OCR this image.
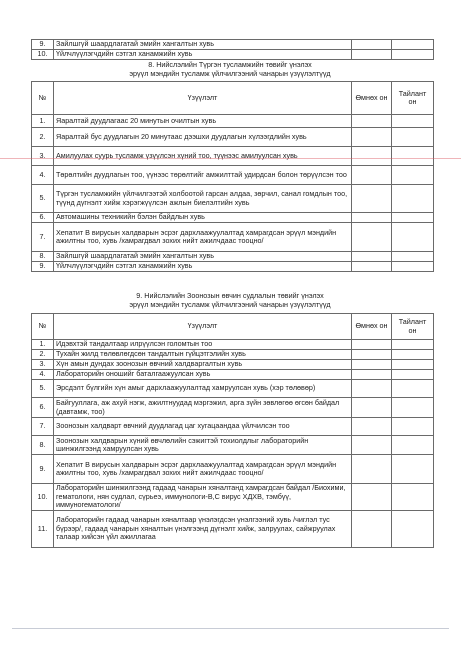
9.	Зайлшгүй шаардлагатай эмийн хангалтын хувь		
10.	Үйлчлүүлэгчдийн сэтгэл ханамжийн хувь		
8. Нийслэлийн Түргэн тусламжийн төвийг үнэлэх
эрүүл мэндийн тусламж үйлчилгээний чанарын үзүүлэлтүүд
№	Үзүүлэлт	Өмнөх он	Тайлант он
1.	Яаралтай дуудлагаас 20 минутын очилтын хувь		
2.	Яаралтай бус дуудлагын 20 минутаас дээшхи дуудлагын хүлээгдлийн хувь		
3.	Амилуулах суурь тусламж үзүүлсэн хүний тоо, түүнээс амилуулсан хувь		
4.	Төрөлтийн дуудлагын тоо, үүнээс төрөлтийг амжилттай удирдсан болон төрүүлсэн тоо		
5.	Түргэн тусламжийн үйлчилгээтэй холбоотой гарсан алдаа, зөрчил, санал гомдлын тоо, түүнд дүгнэлт хийж хэрэгжүүлсэн ажлын биелэлтийн хувь		
6.	Автомашины техникийн бэлэн байдлын хувь		
7.	Хепатит В вирусын халдварын эсрэг дархлаажуулалтад хамрагдсан эрүүл мэндийн ажилтны тоо, хувь /хамрагдвал зохих нийт ажилчдаас тооцно/		
8.	Зайлшгүй шаардлагатай эмийн хангалтын хувь		
9.	Үйлчлүүлэгчдийн сэтгэл ханамжийн хувь		
9. Нийслэлийн Зоонозын өвчин судлалын төвийг үнэлэх
эрүүл мэндийн тусламж үйлчилгээний чанарын үзүүлэлтүүд
№	Үзүүлэлт	Өмнөх он	Тайлант он
1.	Идэвхтэй тандалтаар илрүүлсэн голомтын тоо		
2.	Тухайн жилд төлөвлөгдсөн тандалтын гүйцэтгэлийн хувь		
3.	Хүн амын дундах зоонозын өвчний халдваргалтын хувь		
4.	Лабораторийн оношийг баталгаажуулсан хувь		
5.	Эрсдэлт бүлгийн хүн амыг дархлаажуулалтад хамруулсан хувь (хэр төлөвөр)		
6.	Байгууллага, аж ахуй нэгж, ажилтнуудад мэргэжил, арга зүйн зөвлөгөө өгсөн байдал (давтамж, тоо)		
7.	Зоонозын халдварт өвчний дуудлагад цаг хугацаандаа үйлчилсэн тоо		
8.	Зоонозын халдварын хүний өвчлөлийн сэжигтэй тохиолдлыг лабораторийн шинжилгээнд хамруулсан хувь		
9.	Хепатит В вирусын халдварын эсрэг дархлаажуулалтад хамрагдсан эрүүл мэндийн ажилтны тоо, хувь /хамрагдвал зохих нийт ажилчдаас тооцно/		
10.	Лабораторийн шинжилгээнд гадаад чанарын хяналтанд хамрагдсан байдал /Биохими, гематологи, нян судлал, сүрьеэ, иммунологи-В,С вирус ХДХВ, тэмбүү, иммуногематологи/		
11.	Лабораторийн гадаад чанарын хяналтаар үнэлэгдсэн үнэлгээний хувь /чиглэл тус бүрээр/, гадаад чанарын хяналтын үнэлгээнд дүгнэлт хийж, залруулах, сайжруулах талаар хийсэн үйл ажиллагаа		
